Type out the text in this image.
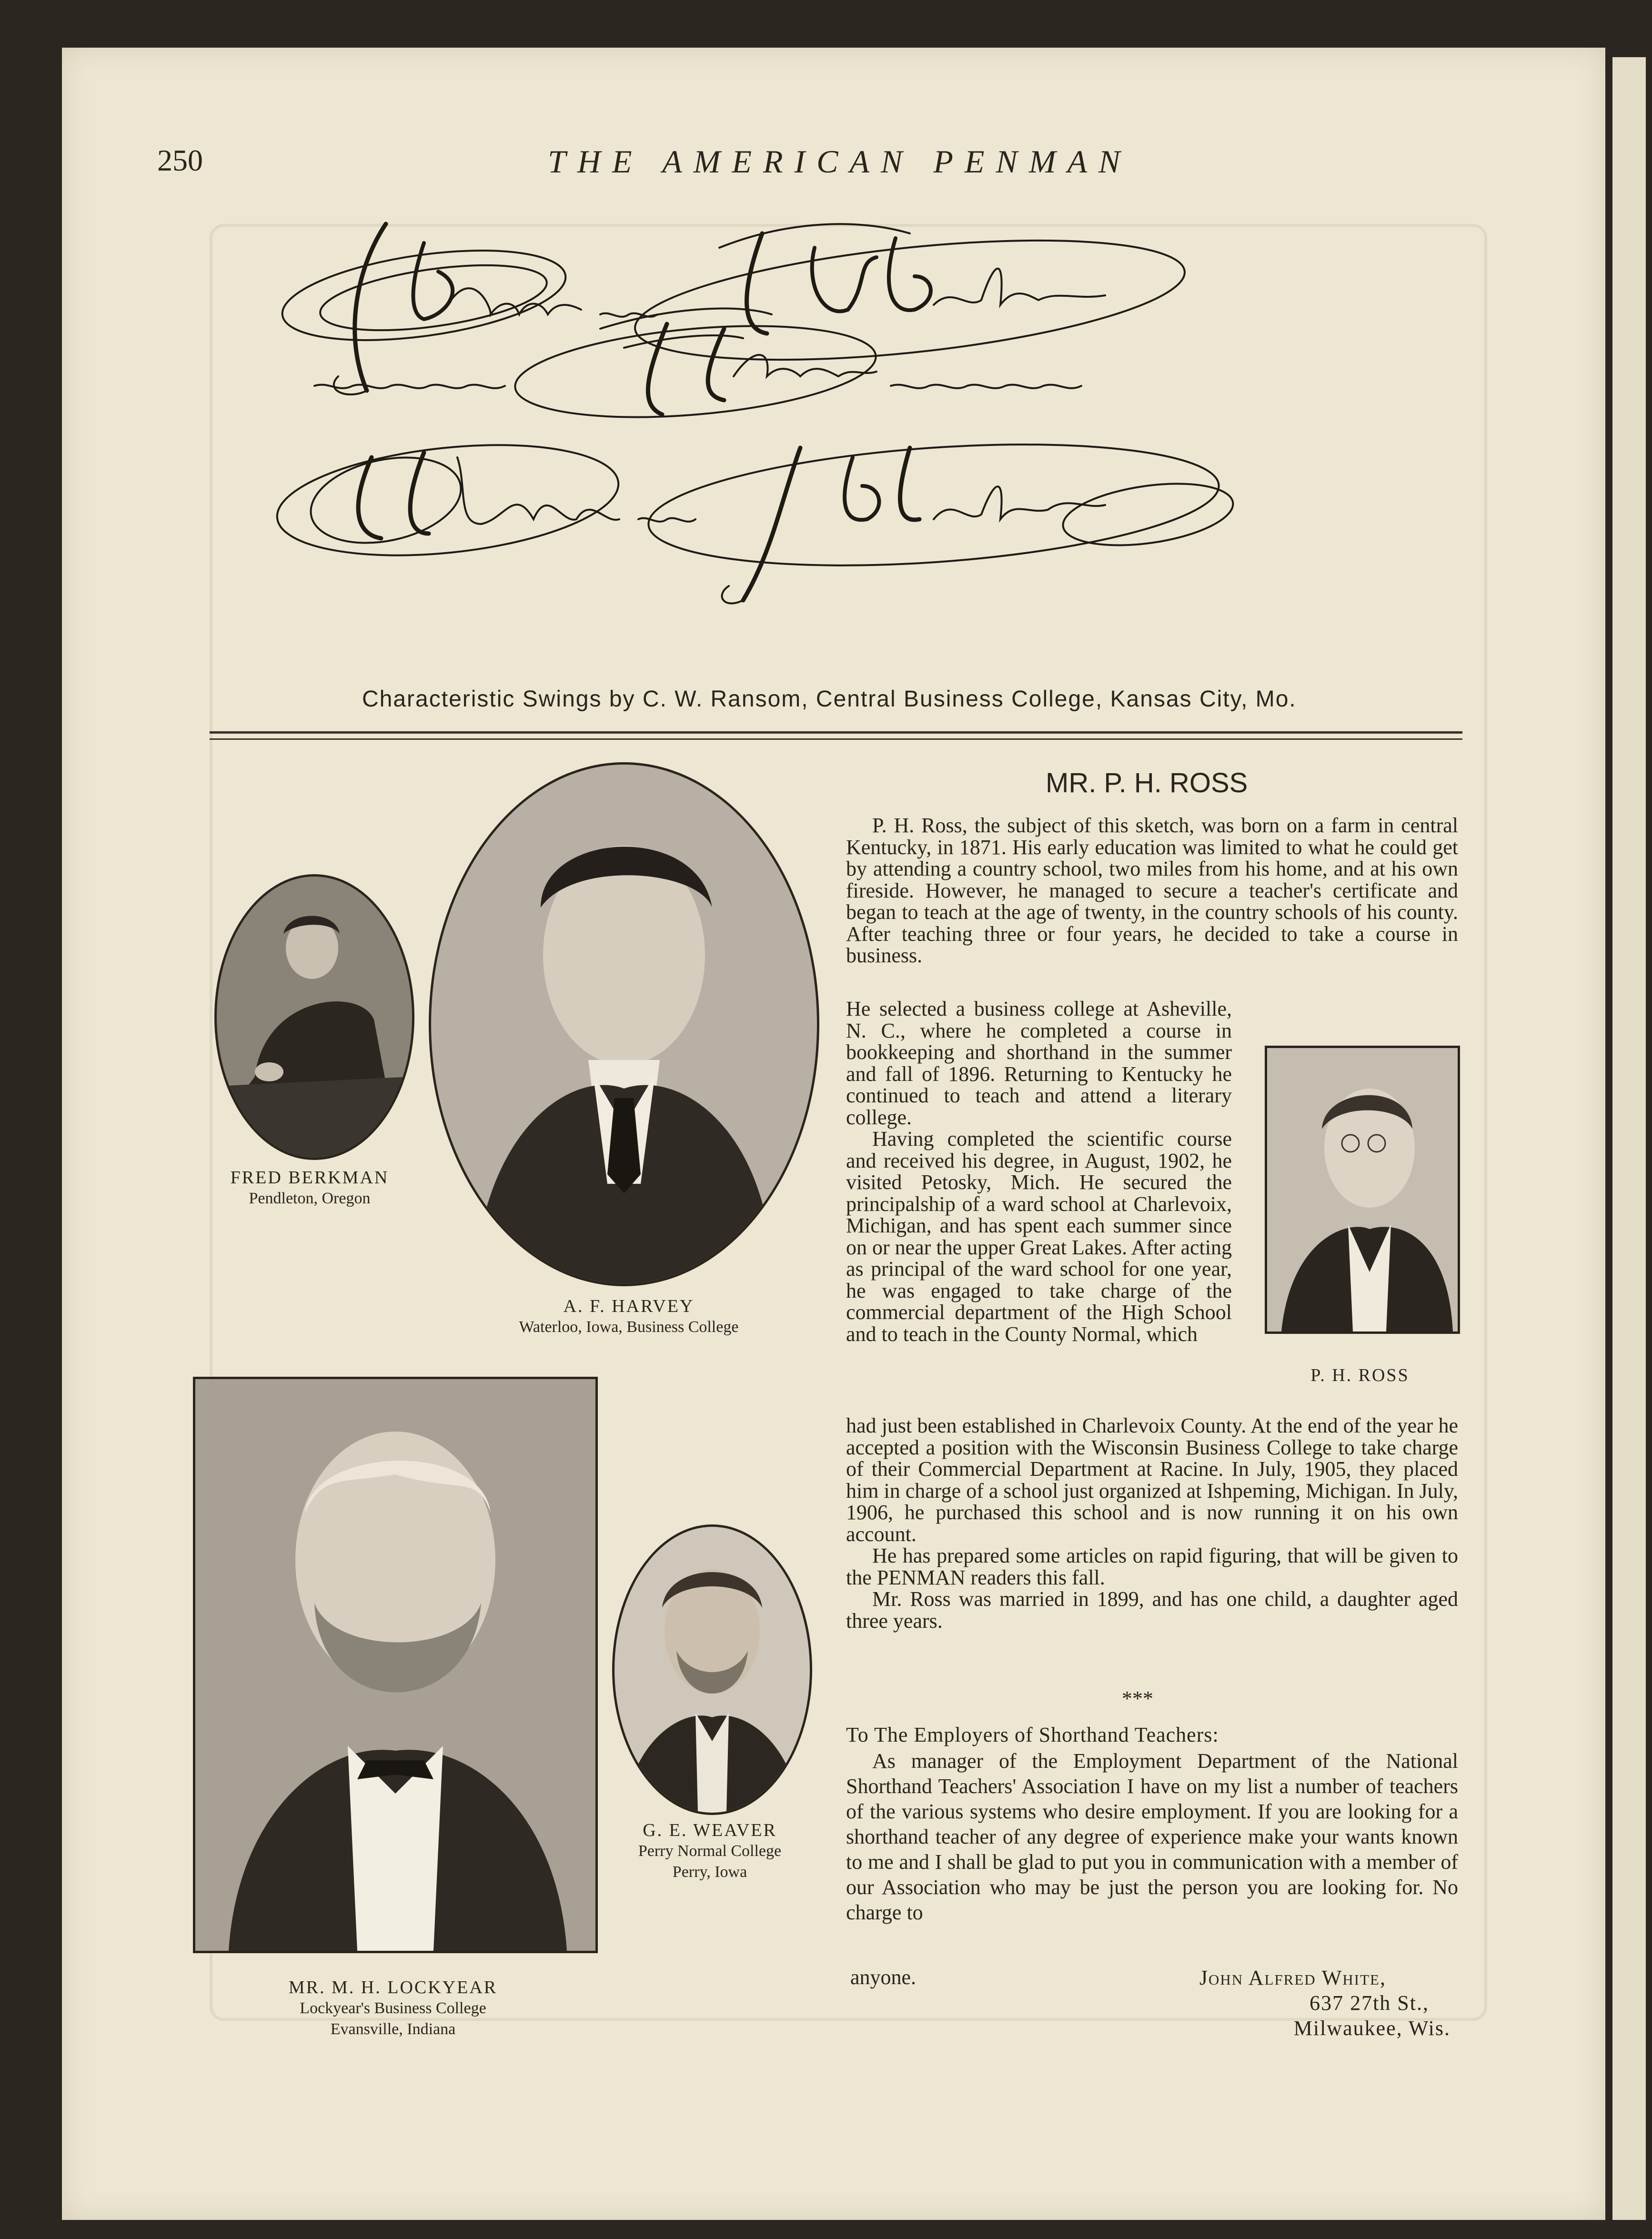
250	THE AMERICAN PENMAN
Characteristic Swings by C. W. Ransom, Central Business College, Kansas City, Mo.
FRED BERKMAN
Pendleton, Oregon
A. F. HARVEY
Waterloo, Iowa, Business College
P. H. ROSS
MR. M. H. LOCKYEAR
Lockyear's Business College
Evansville, Indiana
G. E. WEAVER
Perry Normal College
Perry, Iowa
MR. P. H. ROSS

P. H. Ross, the subject of this sketch, was born on a farm in central Kentucky, in 1871. His early education was limited to what he could get by attending a country school, two miles from his home, and at his own fireside. However, he managed to secure a teacher's certificate and began to teach at the age of twenty, in the country schools of his county. After teaching three or four years, he decided to take a course in business.

He selected a business college at Asheville, N. C., where he completed a course in bookkeeping and shorthand in the summer and fall of 1896. Returning to Kentucky he continued to teach and attend a literary college.

Having completed the scientific course and received his degree, in August, 1902, he visited Petosky, Mich. He secured the principalship of a ward school at Charlevoix, Michigan, and has spent each summer since on or near the upper Great Lakes. After acting as principal of the ward school for one year, he was engaged to take charge of the commercial department of the High School and to teach in the County Normal, which

had just been established in Charlevoix County. At the end of the year he accepted a position with the Wisconsin Business College to take charge of their Commercial Department at Racine. In July, 1905, they placed him in charge of a school just organized at Ishpeming, Michigan. In July, 1906, he purchased this school and is now running it on his own account.

He has prepared some articles on rapid figuring, that will be given to the PENMAN readers this fall.

Mr. Ross was married in 1899, and has one child, a daughter aged three years.

***
To The Employers of Shorthand Teachers:

As manager of the Employment Department of the National Shorthand Teachers' Association I have on my list a number of teachers of the various systems who desire employment. If you are looking for a shorthand teacher of any degree of experience make your wants known to me and I shall be glad to put you in communication with a member of our Association who may be just the person you are looking for. No charge to

anyone.	John Alfred White,
637 27th St.,
Milwaukee, Wis.
